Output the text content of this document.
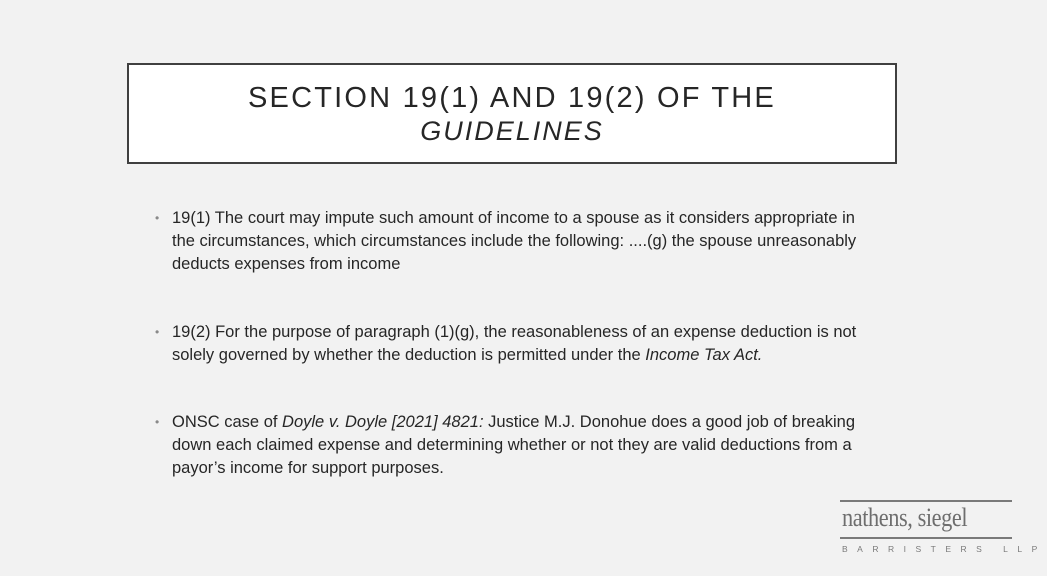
SECTION 19(1) AND 19(2) OF THE
GUIDELINES
• 19(1) The court may impute such amount of income to a spouse as it considers appropriate in the circumstances, which circumstances include the following: ....(g) the spouse unreasonably deducts expenses from income
• 19(2) For the purpose of paragraph (1)(g), the reasonableness of an expense deduction is not solely governed by whether the deduction is permitted under the Income Tax Act.
• ONSC case of Doyle v. Doyle [2021] 4821: Justice M.J. Donohue does a good job of breaking down each claimed expense and determining whether or not they are valid deductions from a payor’s income for support purposes.
nathens, siegel
BARRISTERS LLP
